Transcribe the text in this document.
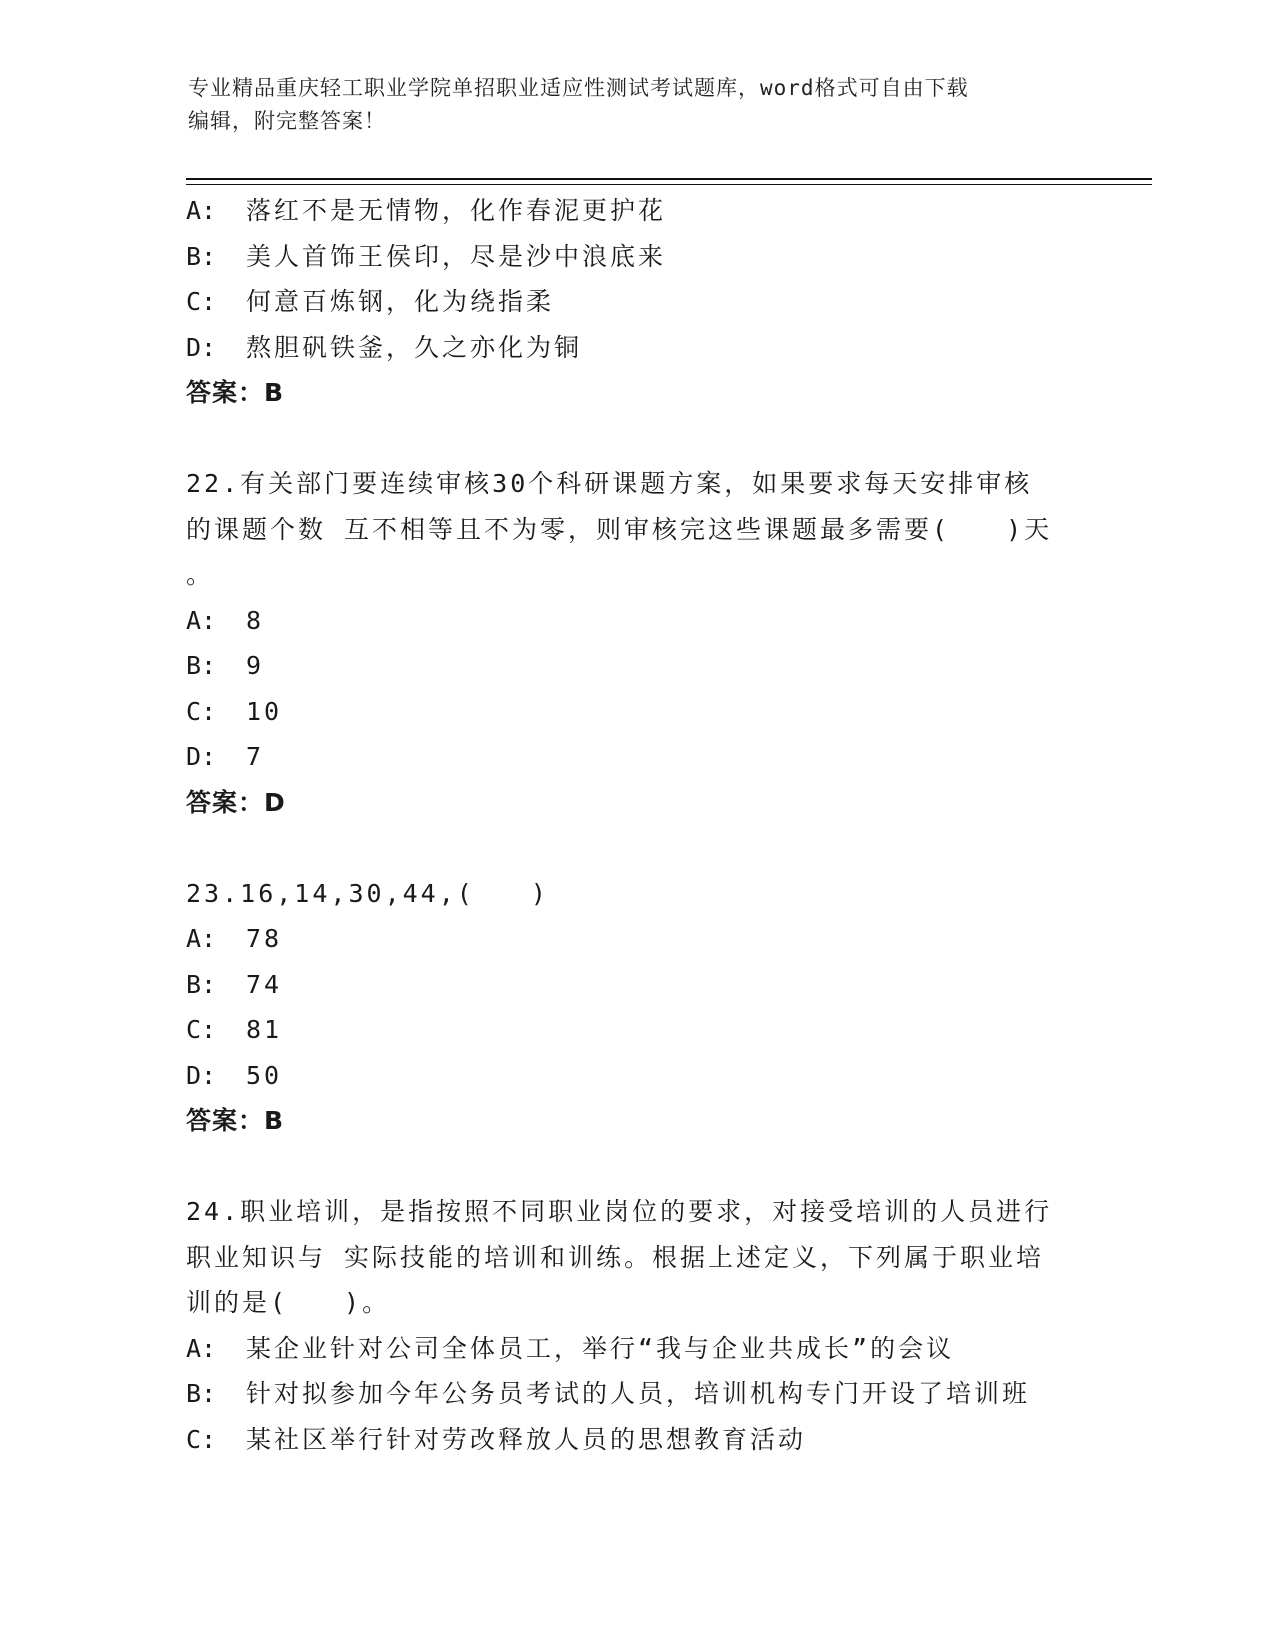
专业精品重庆轻工职业学院单招职业适应性测试考试题库，word格式可自由下载
编辑，附完整答案！
A: 落红不是无情物，化作春泥更护花
B: 美人首饰王侯印，尽是沙中浪底来
C: 何意百炼钢，化为绕指柔
D: 熬胆矾铁釜，久之亦化为铜
答案：B
22.有关部门要连续审核30个科研课题方案，如果要求每天安排审核
的课题个数 互不相等且不为零，则审核完这些课题最多需要(　　)天
。
A: 8
B: 9
C: 10
D: 7
答案：D
23.16,14,30,44,(　　)
A: 78
B: 74
C: 81
D: 50
答案：B
24.职业培训，是指按照不同职业岗位的要求，对接受培训的人员进行
职业知识与 实际技能的培训和训练。根据上述定义，下列属于职业培
训的是(　　)。
A: 某企业针对公司全体员工，举行“我与企业共成长”的会议
B: 针对拟参加今年公务员考试的人员，培训机构专门开设了培训班
C: 某社区举行针对劳改释放人员的思想教育活动
